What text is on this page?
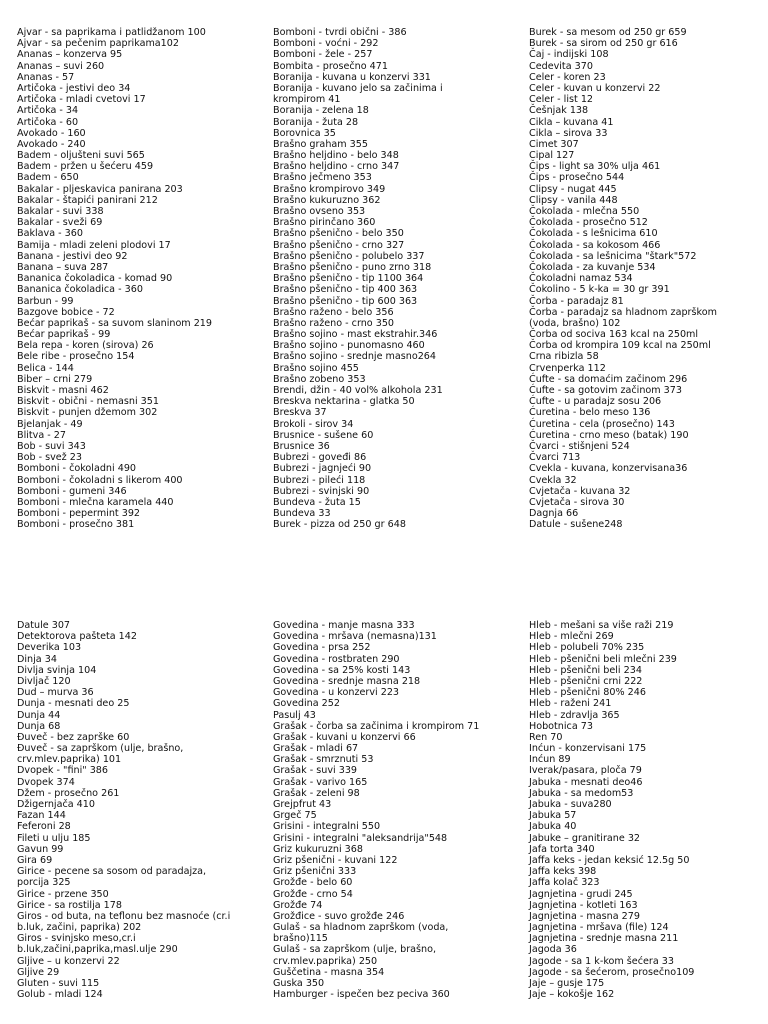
Ajvar - sa paprikama i patlidžanom 100
Ajvar - sa pečenim paprikama102
Ananas – konzerva 95
Ananas – suvi 260
Ananas - 57
Artičoka - jestivi deo 34
Artičoka - mladi cvetovi 17
Artičoka - 34
Artičoka - 60
Avokado - 160
Avokado - 240
Badem - oljušteni suvi 565
Badem - pržen u šećeru 459
Badem - 650
Bakalar - pljeskavica panirana 203
Bakalar - štapići panirani 212
Bakalar - suvi 338
Bakalar - sveži 69
Baklava - 360
Bamija - mladi zeleni plodovi 17
Banana - jestivi deo 92
Banana – suva 287
Bananica čokoladica - komad 90
Bananica čokoladica - 360
Barbun - 99
Bazgove bobice - 72
Bećar paprikaš - sa suvom slaninom 219
Bećar paprikaš - 99
Bela repa - koren (sirova) 26
Bele ribe - prosečno 154
Belica - 144
Biber – crni 279
Biskvit - masni 462
Biskvit - obični - nemasni 351
Biskvit - punjen džemom 302
Bjelanjak - 49
Blitva - 27
Bob - suvi 343
Bob - svež 23
Bomboni - čokoladni 490
Bomboni - čokoladni s likerom 400
Bomboni - gumeni 346
Bomboni - mlečna karamela 440
Bomboni - pepermint 392
Bomboni - prosečno 381
Bomboni - tvrdi obični - 386
Bomboni - voćni - 292
Bomboni - žele - 257
Bombita - prosečno 471
Boranija - kuvana u konzervi 331
Boranija - kuvano jelo sa začinima i
krompirom 41
Boranija - zelena 18
Boranija - žuta 28
Borovnica 35
Brašno graham 355
Brašno heljdino - belo 348
Brašno heljdino - crno 347
Brašno ječmeno 353
Brašno krompirovo 349
Brašno kukuruzno 362
Brašno ovseno 353
Brašno pirinčano 360
Brašno pšenično - belo 350
Brašno pšenično - crno 327
Brašno pšenično - polubelo 337
Brašno pšenično - puno zrno 318
Brašno pšenično - tip 1100 364
Brašno pšenično - tip 400 363
Brašno pšenično - tip 600 363
Brašno raženo - belo 356
Brašno raženo - crno 350
Brašno sojino - mast ekstrahir.346
Brašno sojino - punomasno 460
Brašno sojino - srednje masno264
Brašno sojino 455
Brašno zobeno 353
Brendi, džin - 40 vol% alkohola 231
Breskva nektarina - glatka 50
Breskva 37
Brokoli - sirov 34
Brusnice - sušene 60
Brusnice 36
Bubrezi - goveđi 86
Bubrezi - jagnjeći 90
Bubrezi - pileći 118
Bubrezi - svinjski 90
Bundeva - žuta 15
Bundeva 33
Burek - pizza od 250 gr 648
Burek - sa mesom od 250 gr 659
Burek - sa sirom od 250 gr 616
Čaj - indijski 108
Cedevita 370
Celer - koren 23
Celer - kuvan u konzervi 22
Celer - list 12
Češnjak 138
Cikla – kuvana 41
Cikla – sirova 33
Cimet 307
Cipal 127
Čips - light sa 30% ulja 461
Čips - prosečno 544
Clipsy - nugat 445
Clipsy - vanila 448
Čokolada - mlečna 550
Čokolada - prosečno 512
Čokolada - s lešnicima 610
Čokolada - sa kokosom 466
Čokolada - sa lešnicima "štark"572
Čokolada - za kuvanje 534
Čokoladni namaz 534
Čokolino - 5 k-ka = 30 gr 391
Čorba - paradajz 81
Čorba - paradajz sa hladnom zaprškom
(voda, brašno) 102
Čorba od sociva 163 kcal na 250ml
Čorba od krompira 109 kcal na 250ml
Crna ribizla 58
Crvenperka 112
Ćufte - sa domaćim začinom 296
Ćufte - sa gotovim začinom 373
Ćufte - u paradajz sosu 206
Ćuretina - belo meso 136
Ćuretina - cela (prosečno) 143
Ćuretina - crno meso (batak) 190
Čvarci - stišnjeni 524
Čvarci 713
Cvekla - kuvana, konzervisana36
Cvekla 32
Cvjetača - kuvana 32
Cvjetača - sirova 30
Dagnja 66
Datule - sušene248
Datule 307
Detektorova pašteta 142
Deverika 103
Dinja 34
Divlja svinja 104
Divljač 120
Dud – murva 36
Dunja - mesnati deo 25
Dunja 44
Dunja 68
Đuveč - bez zaprške 60
Đuveč - sa zaprškom (ulje, brašno,
crv.mlev.paprika) 101
Dvopek - "fini" 386
Dvopek 374
Džem - prosečno 261
Džigernjača 410
Fazan 144
Feferoni 28
Fileti u ulju 185
Gavun 99
Gira 69
Girice - pecene sa sosom od paradajza,
porcija 325
Girice - przene 350
Girice - sa rostilja 178
Giros - od buta, na teflonu bez masnoće (cr.i
b.luk, začini, paprika) 202
Giros - svinjsko meso,cr.i
b.luk,začini,paprika,masl.ulje 290
Gljive – u konzervi 22
Gljive 29
Gluten - suvi 115
Golub - mladi 124
Govedina - manje masna 333
Govedina - mršava (nemasna)131
Govedina - prsa 252
Govedina - rostbraten 290
Govedina - sa 25% kosti 143
Govedina - srednje masna 218
Govedina - u konzervi 223
Govedina 252
Pasulj 43
Grašak - čorba sa začinima i krompirom 71
Grašak - kuvani u konzervi 66
Grašak - mladi 67
Grašak - smrznuti 53
Grašak - suvi 339
Grašak - varivo 165
Grašak - zeleni 98
Grejpfrut 43
Grgeč 75
Grisini - integralni 550
Grisini - integralni "aleksandrija"548
Griz kukuruzni 368
Griz pšenični - kuvani 122
Griz pšenični 333
Grožđe - belo 60
Grožđe - crno 54
Grožđe 74
Grožđice - suvo grožđe 246
Gulaš - sa hladnom zaprškom (voda,
brašno)115
Gulaš - sa zaprškom (ulje, brašno,
crv.mlev.paprika) 250
Guščetina - masna 354
Guska 350
Hamburger - ispečen bez peciva 360
Hleb - mešani sa više raži 219
Hleb - mlečni 269
Hleb - polubeli 70% 235
Hleb - pšenični beli mlečni 239
Hleb - pšenični beli 234
Hleb - pšenični crni 222
Hleb - pšenični 80% 246
Hleb - raženi 241
Hleb - zdravlja 365
Hobotnica 73
Ren 70
Inćun - konzervisani 175
Inćun 89
Iverak/pasara, ploča 79
Jabuka - mesnati deo46
Jabuka - sa medom53
Jabuka - suva280
Jabuka 57
Jabuka 40
Jabuke – granitirane 32
Jafa torta 340
Jaffa keks - jedan keksić 12.5g 50
Jaffa keks 398
Jaffa kolač 323
Jagnjetina - grudi 245
Jagnjetina - kotleti 163
Jagnjetina - masna 279
Jagnjetina - mršava (file) 124
Jagnjetina - srednje masna 211
Jagoda 36
Jagode - sa 1 k-kom šećera 33
Jagode - sa šećerom, prosečno109
Jaje – gusje 175
Jaje – kokošje 162
